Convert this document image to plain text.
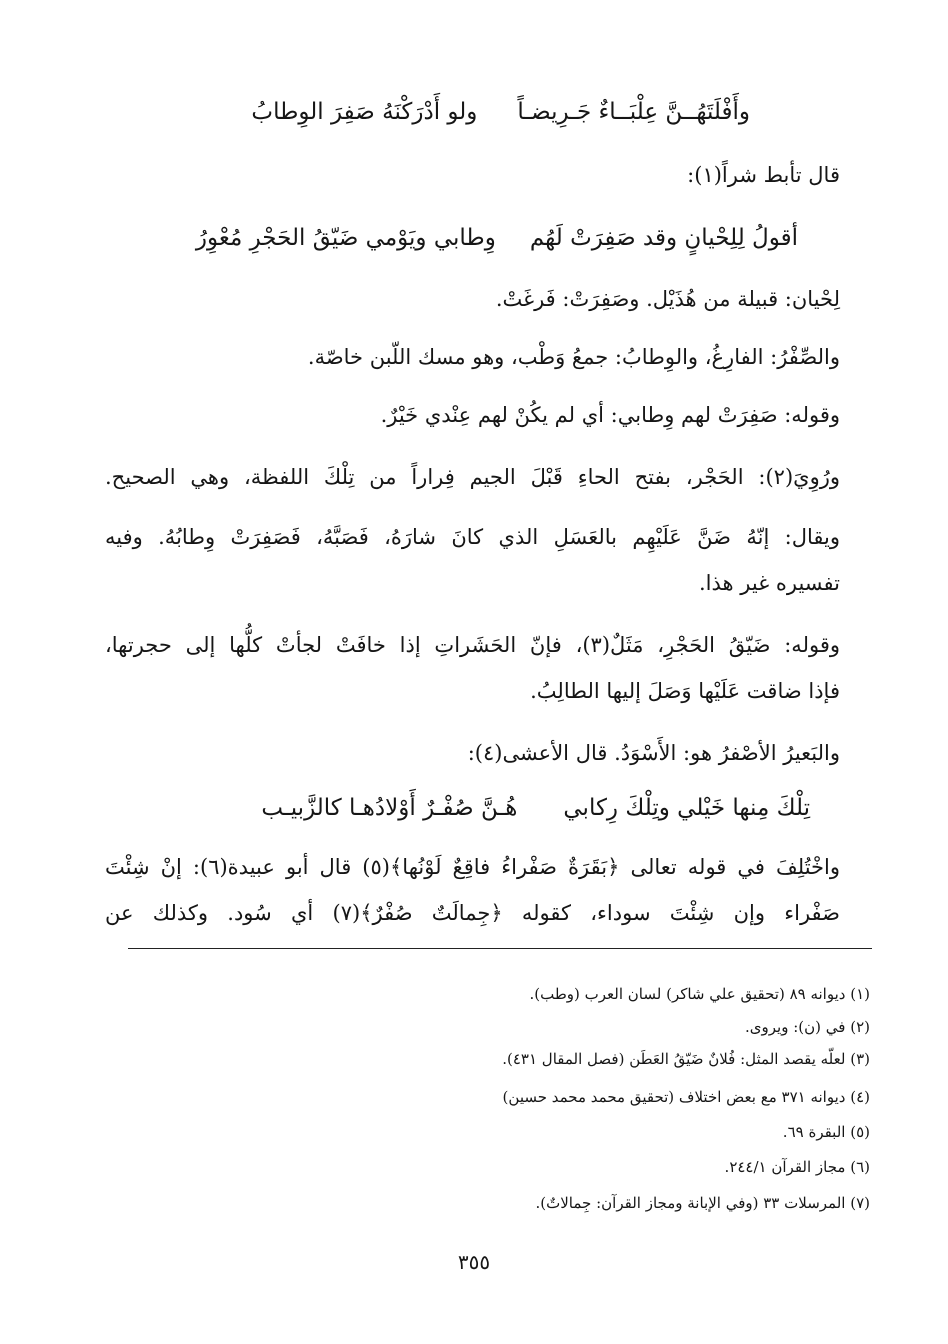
وأَفْلَتَهُــنَّ عِلْبَــاءٌ جَـرِيضـاً
ولو أَدْرَكْنَهُ صَفِرَ الوِطابُ
قال تأبط شراً(١):
أقولُ لِلِحْيانٍ وقد صَفِرَتْ لَهُم
وِطابي ويَوْمي ضَيّقُ الحَجْرِ مُعْوِرُ
لِحْيان: قبيلة من هُذَيْل. وصَفِرَتْ: فَرغَتْ.
والصِّفْرُ: الفارِغُ، والوِطابُ: جمعُ وَطْب، وهو مسك اللّبن خاصّة.
وقوله: صَفِرَتْ لهم وِطابي: أي لم يكُنْ لهم عِنْدي خَيْرٌ.
ورُوِيَ(٢): الحَجْر، بفتح الحاءِ قَبْلَ الجيم فِراراً من تِلْكَ اللفظة، وهي الصحيح.
ويقال: إنّهُ ضَنَّ عَلَيْهِم بالعَسَلِ الذي كانَ شارَهُ، فَصَبَّهُ، فَصَفِرَتْ وِطابُهُ. وفيه
تفسيره غير هذا.
وقوله: ضَيّقُ الحَجْرِ، مَثَلٌ(٣)، فإنّ الحَشَراتِ إذا خافَتْ لجأتْ كلُّها إلى حجرتها،
فإذا ضاقت عَلَيْها وَصَلَ إليها الطالِبُ.
والبَعيرُ الأصْفرُ هو: الأَسْوَدُ. قال الأعشى(٤):
تِلْكَ مِنها خَيْلي وتِلْكَ رِكابي
هُـنَّ صُفْـرٌ أَوْلادُهـا كالزَّبيـب
واخْتُلِفَ في قوله تعالى ﴿بَقَرَةٌ صَفْراءُ فاقِعٌ لَوْنُها﴾(٥) قال أبو عبيدة(٦): إنْ شِئْتَ
صَفْراء وإن شِئْتَ سوداء، كقوله ﴿جِمالَتٌ صُفْرٌ﴾(٧) أي سُود. وكذلك عن
(١) ديوانه ٨٩ (تحقيق علي شاكر) لسان العرب (وطب).
(٢) في (ن): ويروى.
(٣) لعلّه يقصد المثل: فُلانٌ ضَيّقُ العَطَن (فصل المقال ٤٣١).
(٤) ديوانه ٣٧١ مع بعض اختلاف (تحقيق محمد محمد حسين)
(٥) البقرة ٦٩.
(٦) مجاز القرآن ٢٤٤/١.
(٧) المرسلات ٣٣ (وفي الإبانة ومجاز القرآن: جِمالاتٌ).
٣٥٥
